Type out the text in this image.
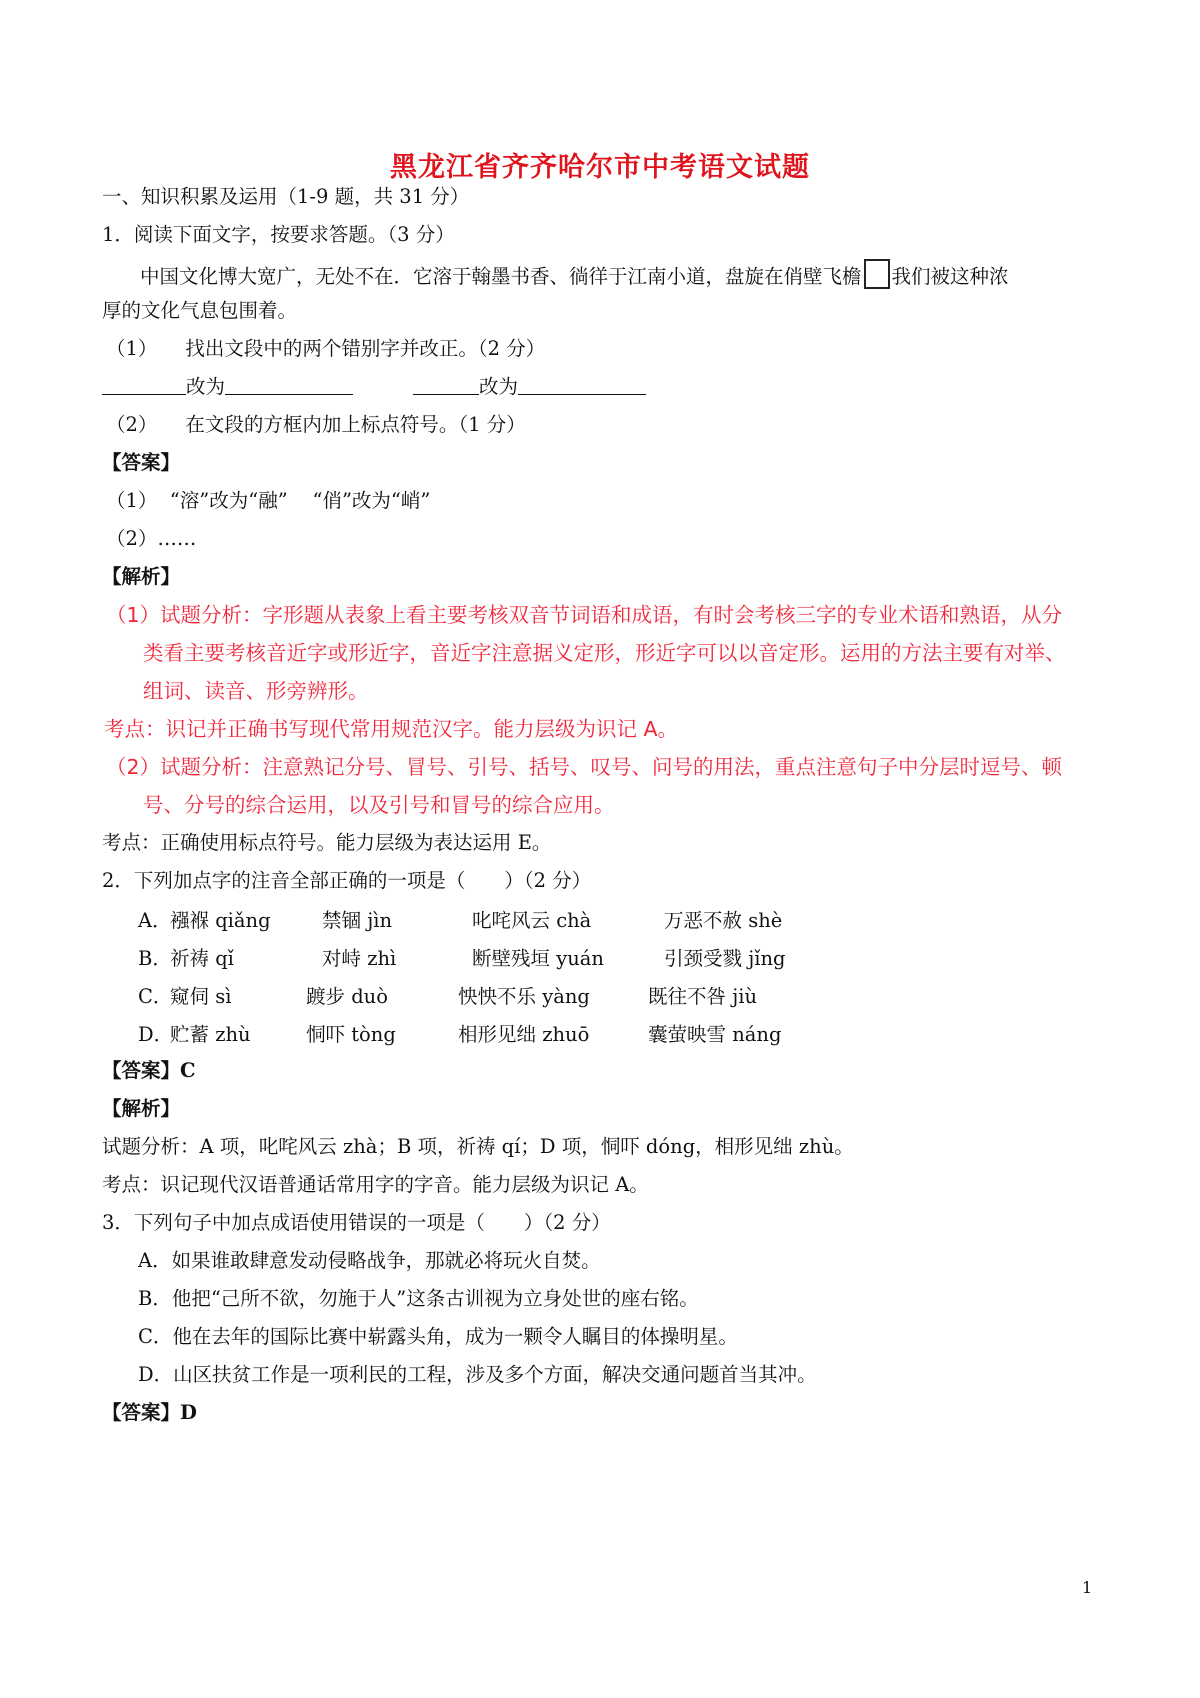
黑龙江省齐齐哈尔市中考语文试题
一、知识积累及运用（1-9 题，共 31 分）
1．阅读下面文字，按要求答题。（3 分）
中国文化博大宽广，无处不在．它溶于翰墨书香、徜徉于江南小道，盘旋在俏壁飞檐 我们被这种浓
厚的文化气息包围着。
（1） 找出文段中的两个错别字并改正。（2 分）
改为	改为
（2） 在文段的方框内加上标点符号。（1 分）
【答案】
（1）  “溶”改为“融”    “俏”改为“峭”
（2）……
【解析】
（1）试题分析：字形题从表象上看主要考核双音节词语和成语，有时会考核三字的专业术语和熟语，从分
类看主要考核音近字或形近字，音近字注意据义定形，形近字可以以音定形。运用的方法主要有对举、
组词、读音、形旁辨形。
考点：识记并正确书写现代常用规范汉字。能力层级为识记 A。
（2）试题分析：注意熟记分号、冒号、引号、括号、叹号、问号的用法，重点注意句子中分层时逗号、顿
号、分号的综合运用，以及引号和冒号的综合应用。
考点：正确使用标点符号。能力层级为表达运用 E。
2．下列加点字的注音全部正确的一项是（　　）（2 分）
A．
襁褓 qiǎng	禁锢 jìn	叱咤风云 chà	万恶不赦 shè
B．
祈祷 qǐ	对峙 zhì	断壁残垣 yuán	引颈受戮 jǐng
C．
窥伺 sì	踱步 duò	怏怏不乐 yàng	既往不咎 jiù
D．
贮蓄 zhù	恫吓 tòng	相形见绌 zhuō	囊萤映雪 náng
【答案】C
【解析】
试题分析：A 项，叱咤风云 zhà；B 项，祈祷 qí；D 项，恫吓 dóng，相形见绌 zhù。
考点：识记现代汉语普通话常用字的字音。能力层级为识记 A。
3．下列句子中加点成语使用错误的一项是（　　）（2 分）
A．如果谁敢肆意发动侵略战争，那就必将玩火自焚。
B．他把“己所不欲，勿施于人”这条古训视为立身处世的座右铭。
C．他在去年的国际比赛中崭露头角，成为一颗令人瞩目的体操明星。
D．山区扶贫工作是一项利民的工程，涉及多个方面，解决交通问题首当其冲。
【答案】D
1
